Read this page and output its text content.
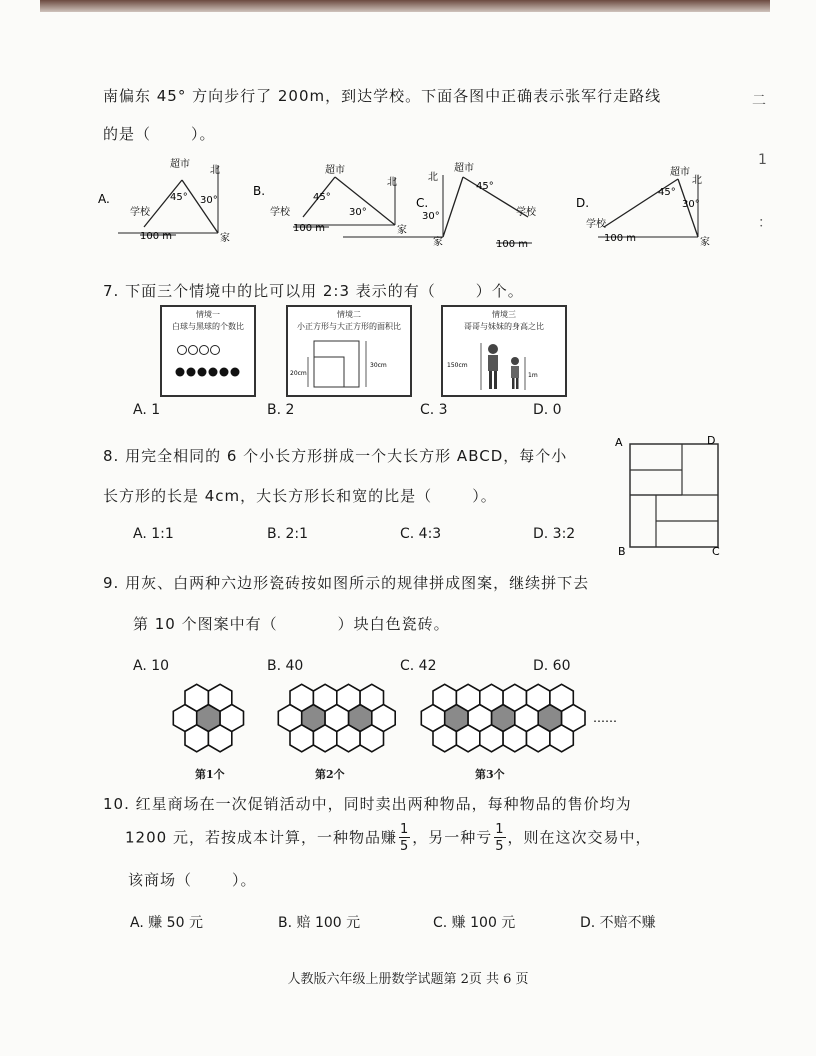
南偏东 45° 方向步行了 200m，到达学校。下面各图中正确表示张军行走路线
的是（	）。
A.
学校
超市
北
家
45° 30°
100 m
B.
学校
超市
北
家
45°
30°
100 m
C.
学校
超市
北
家
45°
30°
100 m
D.
学校
超市
北
家
45°
30°
100 m
7. 下面三个情境中的比可以用 2:3 表示的有（	）个。
情境一
白球与黑球的个数比
情境二
小正方形与大正方形的面积比
20cm
30cm
情境三
哥哥与妹妹的身高之比
150cm
1m
A. 1	B. 2	C. 3	D. 0
8. 用完全相同的 6 个小长方形拼成一个大长方形 ABCD，每个小
长方形的长是 4cm，大长方形长和宽的比是（	）。
A. 1:1	B. 2:1	C. 4:3	D. 3:2
A	D
B	C
9. 用灰、白两种六边形瓷砖按如图所示的规律拼成图案，继续拼下去
第 10 个图案中有（	）块白色瓷砖。
A. 10	B. 40	C. 42	D. 60
……
第1个	第2个	第3个
10. 红星商场在一次促销活动中，同时卖出两种物品，每种物品的售价均为
1200 元，若按成本计算，一种物品赚 $\frac{1}{5}$ ，另一种亏 $\frac{1}{5}$ ，则在这次交易中，
该商场（	）。
A. 赚 50 元	B. 赔 100 元	C. 赚 100 元	D. 不赔不赚
人教版六年级上册数学试题第 2页 共 6 页
二
1
：
